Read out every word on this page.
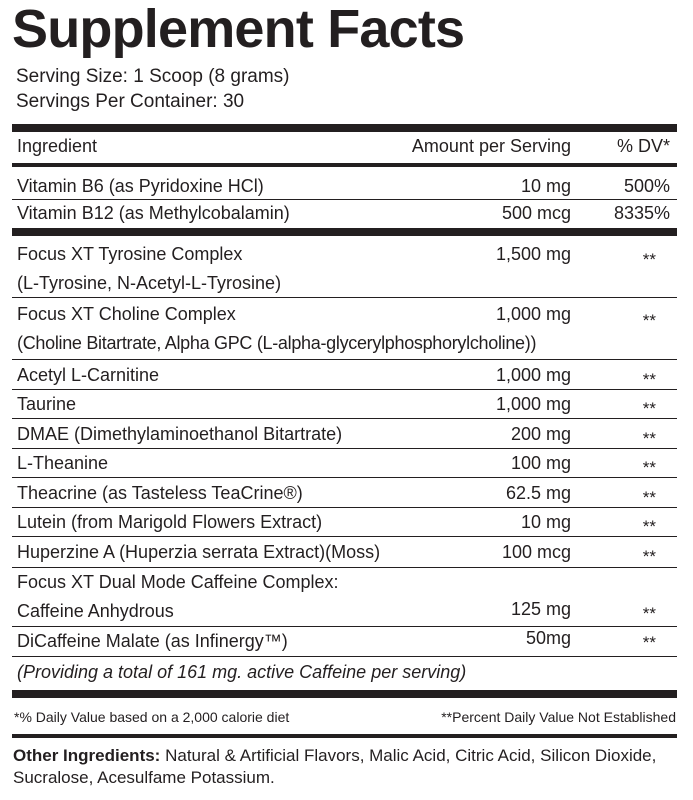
Supplement Facts
Serving Size: 1 Scoop (8 grams)
Servings Per Container: 30
Ingredient	Amount per Serving	% DV*
Vitamin B6 (as Pyridoxine HCl)	10 mg	500%
Vitamin B12 (as Methylcobalamin)	500 mcg 8335%
Focus XT Tyrosine Complex	1,500 mg	**
(L-Tyrosine, N-Acetyl-L-Tyrosine)
Focus XT Choline Complex	1,000 mg	**
(Choline Bitartrate, Alpha GPC (L-alpha-glycerylphosphorylcholine))
Acetyl L-Carnitine	1,000 mg	**
Taurine	1,000 mg	**
DMAE (Dimethylaminoethanol Bitartrate)	200 mg	**
L-Theanine	100 mg	**
Theacrine (as Tasteless TeaCrine®)	62.5 mg	**
Lutein (from Marigold Flowers Extract)	10 mg	**
Huperzine A (Huperzia serrata Extract)(Moss)	100 mcg	**
Focus XT Dual Mode Caffeine Complex:
Caffeine Anhydrous	125 mg	**
DiCaffeine Malate (as Infinergy™)	50mg	**
(Providing a total of 161 mg. active Caffeine per serving)
*% Daily Value based on a 2,000 calorie diet	**Percent Daily Value Not Established
Other Ingredients: Natural & Artificial Flavors, Malic Acid, Citric Acid, Silicon Dioxide, Sucralose, Acesulfame Potassium.
